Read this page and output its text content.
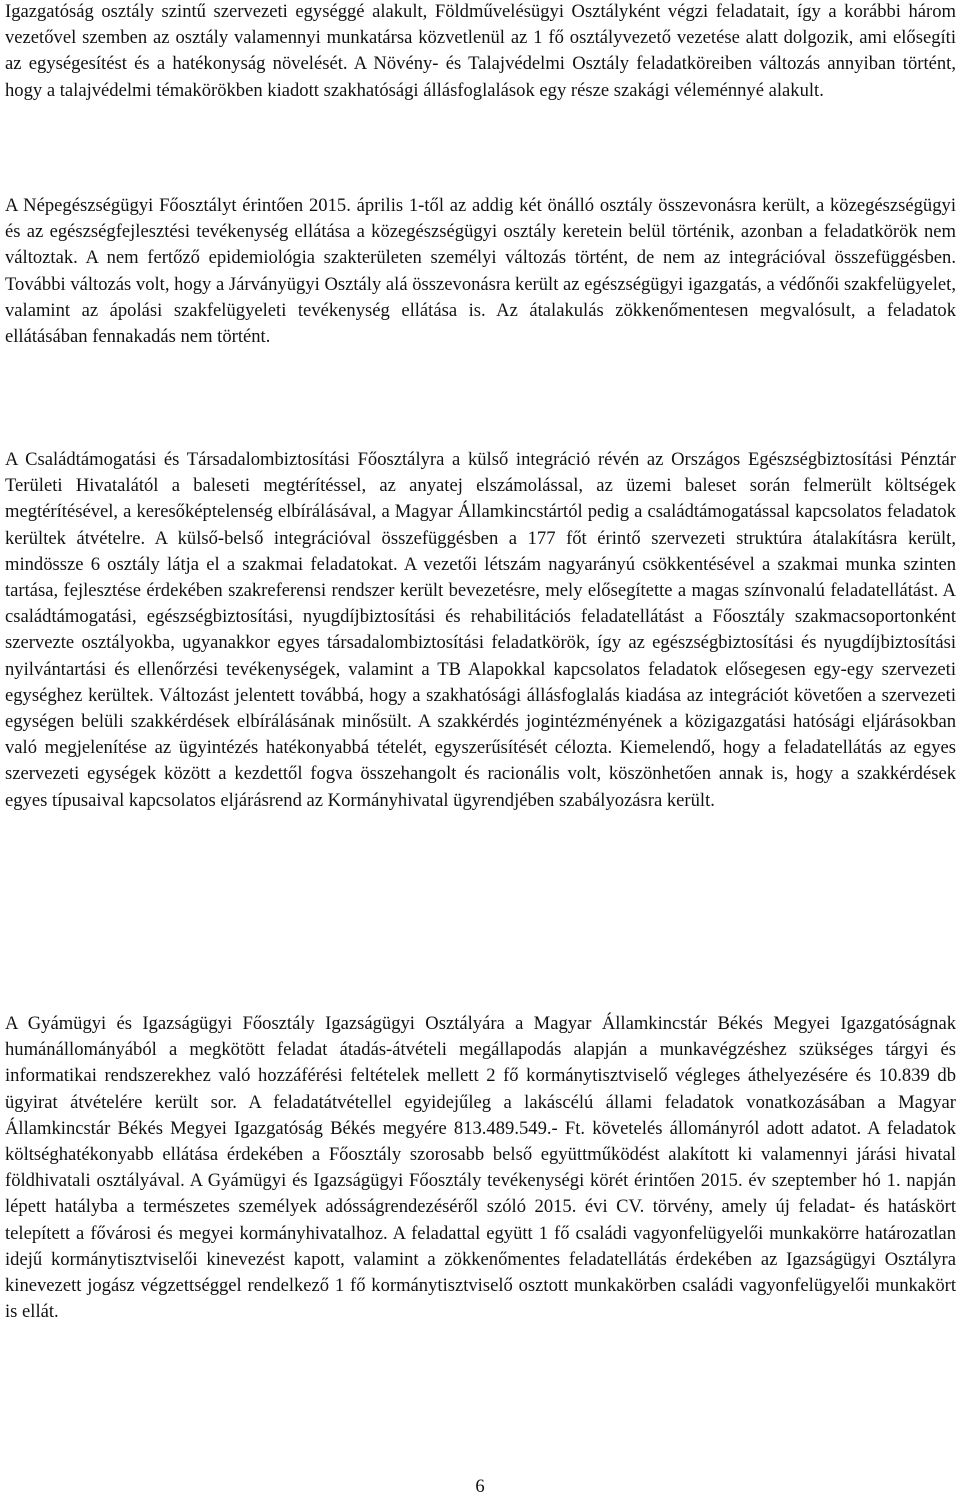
Igazgatóság osztály szintű szervezeti egységgé alakult, Földművelésügyi Osztályként végzi feladatait, így a korábbi három vezetővel szemben az osztály valamennyi munkatársa közvetlenül az 1 fő osztályvezető vezetése alatt dolgozik, ami elősegíti az egységesítést és a hatékonyság növelését. A Növény- és Talajvédelmi Osztály feladatköreiben változás annyiban történt, hogy a talajvédelmi témakörökben kiadott szakhatósági állásfoglalások egy része szakági véleménnyé alakult.

A Népegészségügyi Főosztályt érintően 2015. április 1-től az addig két önálló osztály összevonásra került, a közegészségügyi és az egészségfejlesztési tevékenység ellátása a közegészségügyi osztály keretein belül történik, azonban a feladatkörök nem változtak. A nem fertőző epidemiológia szakterületen személyi változás történt, de nem az integrációval összefüggésben. További változás volt, hogy a Járványügyi Osztály alá összevonásra került az egészségügyi igazgatás, a védőnői szakfelügyelet, valamint az ápolási szakfelügyeleti tevékenység ellátása is. Az átalakulás zökkenőmentesen megvalósult, a feladatok ellátásában fennakadás nem történt.

A Családtámogatási és Társadalombiztosítási Főosztályra a külső integráció révén az Országos Egészségbiztosítási Pénztár Területi Hivatalától a baleseti megtérítéssel, az anyatej elszámolással, az üzemi baleset során felmerült költségek megtérítésével, a keresőképtelenség elbírálásával, a Magyar Államkincstártól pedig a családtámogatással kapcsolatos feladatok kerültek átvételre. A külső-belső integrációval összefüggésben a 177 főt érintő szervezeti struktúra átalakításra került, mindössze 6 osztály látja el a szakmai feladatokat. A vezetői létszám nagyarányú csökkentésével a szakmai munka szinten tartása, fejlesztése érdekében szakreferensi rendszer került bevezetésre, mely elősegítette a magas színvonalú feladatellátást. A családtámogatási, egészségbiztosítási, nyugdíjbiztosítási és rehabilitációs feladatellátást a Főosztály szakmacsoportonként szervezte osztályokba, ugyanakkor egyes társadalombiztosítási feladatkörök, így az egészségbiztosítási és nyugdíjbiztosítási nyilvántartási és ellenőrzési tevékenységek, valamint a TB Alapokkal kapcsolatos feladatok elősegesen egy-egy szervezeti egységhez kerültek. Változást jelentett továbbá, hogy a szakhatósági állásfoglalás kiadása az integrációt követően a szervezeti egységen belüli szakkérdések elbírálásának minősült. A szakkérdés jogintézményének a közigazgatási hatósági eljárásokban való megjelenítése az ügyintézés hatékonyabbá tételét, egyszerűsítését célozta. Kiemelendő, hogy a feladatellátás az egyes szervezeti egységek között a kezdettől fogva összehangolt és racionális volt, köszönhetően annak is, hogy a szakkérdések egyes típusaival kapcsolatos eljárásrend az Kormányhivatal ügyrendjében szabályozásra került.

A Gyámügyi és Igazságügyi Főosztály Igazságügyi Osztályára a Magyar Államkincstár Békés Megyei Igazgatóságnak humánállományából a megkötött feladat átadás-átvételi megállapodás alapján a munkavégzéshez szükséges tárgyi és informatikai rendszerekhez való hozzáférési feltételek mellett 2 fő kormánytisztviselő végleges áthelyezésére és 10.839 db ügyirat átvételére került sor. A feladatátvétellel egyidejűleg a lakáscélú állami feladatok vonatkozásában a Magyar Államkincstár Békés Megyei Igazgatóság Békés megyére 813.489.549.- Ft. követelés állományról adott adatot. A feladatok költséghatékonyabb ellátása érdekében a Főosztály szorosabb belső együttműködést alakított ki valamennyi járási hivatal földhivatali osztályával. A Gyámügyi és Igazságügyi Főosztály tevékenységi körét érintően 2015. év szeptember hó 1. napján lépett hatályba a természetes személyek adósságrendezéséről szóló 2015. évi CV. törvény, amely új feladat- és hatáskört telepített a fővárosi és megyei kormányhivatalhoz. A feladattal együtt 1 fő családi vagyonfelügyelői munkakörre határozatlan idejű kormánytisztviselői kinevezést kapott, valamint a zökkenőmentes feladatellátás érdekében az Igazságügyi Osztályra kinevezett jogász végzettséggel rendelkező 1 fő kormánytisztviselő osztott munkakörben családi vagyonfelügyelői munkakört is ellát.

6
